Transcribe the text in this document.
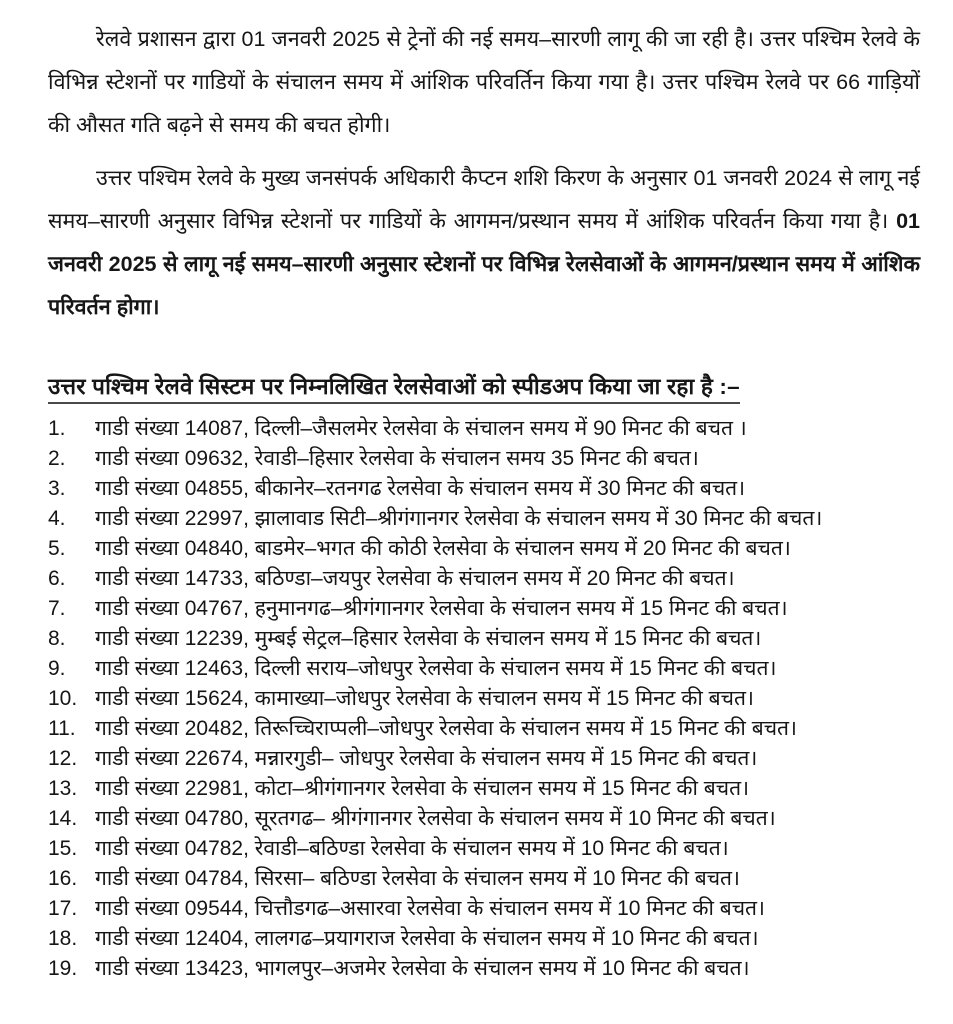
रेलवे प्रशासन द्वारा 01 जनवरी 2025 से ट्रेनों की नई समय–सारणी लागू की जा रही है। उत्तर पश्चिम रेलवे के विभिन्न स्टेशनों पर गाडियों के संचालन समय में आंशिक परिवर्तिन किया गया है। उत्तर पश्चिम रेलवे पर 66 गाड़ियों की औसत गति बढ़ने से समय की बचत होगी।

उत्तर पश्चिम रेलवे के मुख्य जनसंपर्क अधिकारी कैप्टन शशि किरण के अनुसार 01 जनवरी 2024 से लागू नई समय–सारणी अनुसार विभिन्न स्टेशनों पर गाडियों के आगमन/प्रस्थान समय में आंशिक परिवर्तन किया गया है। 01 जनवरी 2025 से लागू नई समय–सारणी अनुसार स्टेशनों पर विभिन्न रेलसेवाओं के आगमन/प्रस्थान समय में आंशिक परिवर्तन होगा।

उत्तर पश्चिम रेलवे सिस्टम पर निम्नलिखित रेलसेवाओं को स्पीडअप किया जा रहा है :–
1.	गाडी संख्या 14087, दिल्ली–जैसलमेर रेलसेवा के संचालन समय में 90 मिनट की बचत ।
2.	गाडी संख्या 09632, रेवाडी–हिसार रेलसेवा के संचालन समय 35 मिनट की बचत।
3.	गाडी संख्या 04855, बीकानेर–रतनगढ रेलसेवा के संचालन समय में 30 मिनट की बचत।
4.	गाडी संख्या 22997, झालावाड सिटी–श्रीगंगानगर रेलसेवा के संचालन समय में 30 मिनट की बचत।
5.	गाडी संख्या 04840, बाडमेर–भगत की कोठी रेलसेवा के संचालन समय में 20 मिनट की बचत।
6.	गाडी संख्या 14733, बठिण्डा–जयपुर रेलसेवा के संचालन समय में 20 मिनट की बचत।
7.	गाडी संख्या 04767, हनुमानगढ–श्रीगंगानगर रेलसेवा के संचालन समय में 15 मिनट की बचत।
8.	गाडी संख्या 12239, मुम्बई सेट्रल–हिसार रेलसेवा के संचालन समय में 15 मिनट की बचत।
9.	गाडी संख्या 12463, दिल्ली सराय–जोधपुर रेलसेवा के संचालन समय में 15 मिनट की बचत।
10. गाडी संख्या 15624, कामाख्या–जोधपुर रेलसेवा के संचालन समय में 15 मिनट की बचत।
11. गाडी संख्या 20482, तिरूच्चिराप्पली–जोधपुर रेलसेवा के संचालन समय में 15 मिनट की बचत।
12. गाडी संख्या 22674, मन्नारगुडी– जोधपुर रेलसेवा के संचालन समय में 15 मिनट की बचत।
13. गाडी संख्या 22981, कोटा–श्रीगंगानगर रेलसेवा के संचालन समय में 15 मिनट की बचत।
14. गाडी संख्या 04780, सूरतगढ– श्रीगंगानगर रेलसेवा के संचालन समय में 10 मिनट की बचत।
15. गाडी संख्या 04782, रेवाडी–बठिण्डा रेलसेवा के संचालन समय में 10 मिनट की बचत।
16. गाडी संख्या 04784, सिरसा– बठिण्डा रेलसेवा के संचालन समय में 10 मिनट की बचत।
17. गाडी संख्या 09544, चित्तौडगढ–असारवा रेलसेवा के संचालन समय में 10 मिनट की बचत।
18. गाडी संख्या 12404, लालगढ–प्रयागराज रेलसेवा के संचालन समय में 10 मिनट की बचत।
19. गाडी संख्या 13423, भागलपुर–अजमेर रेलसेवा के संचालन समय में 10 मिनट की बचत।
